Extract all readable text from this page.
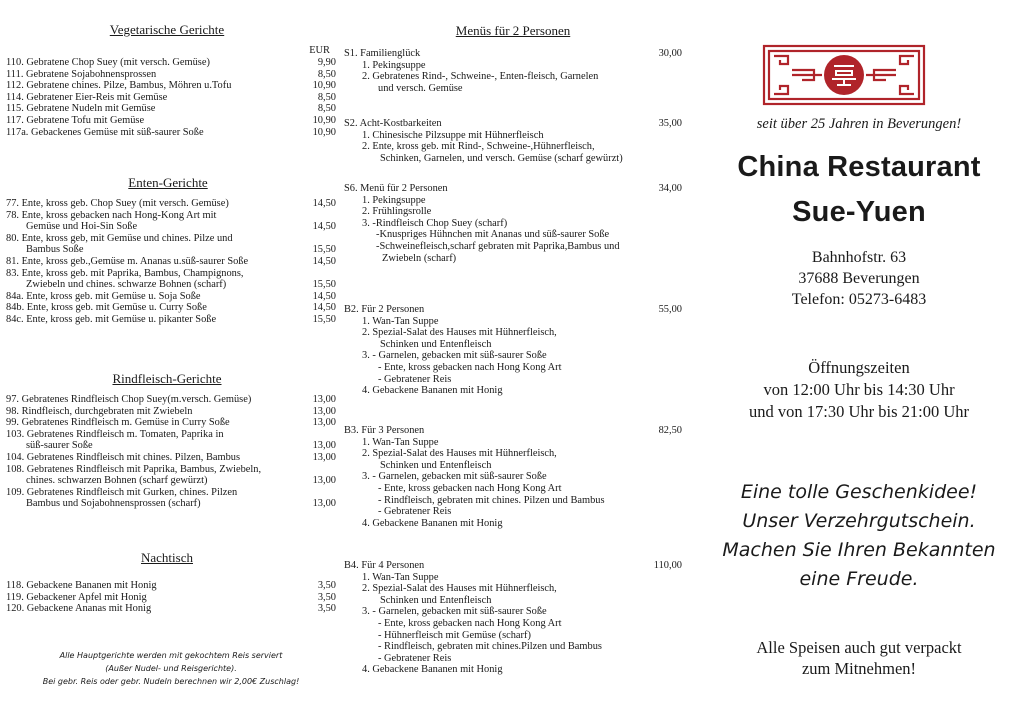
Vegetarische Gerichte

EUR
110. Gebratene Chop Suey (mit versch. Gemüse)	9,90
111. Gebratene Sojabohnensprossen	8,50
112. Gebratene chines. Pilze, Bambus, Möhren u.Tofu	10,90
114. Gebratener Eier-Reis mit Gemüse	8,50
115. Gebratene Nudeln mit Gemüse	8,50
117. Gebratene Tofu mit Gemüse	10,90
117a. Gebackenes Gemüse mit süß-saurer Soße	10,90

Enten-Gerichte

77. Ente, kross geb. Chop Suey (mit versch. Gemüse)	14,50
78. Ente, kross gebacken nach Hong-Kong Art mit
Gemüse und Hoi-Sin Soße	14,50
80. Ente, kross geb, mit Gemüse und chines. Pilze und
Bambus Soße	15,50
81. Ente, kross geb.,Gemüse m. Ananas u.süß-saurer Soße	14,50
83. Ente, kross geb. mit Paprika, Bambus, Champignons,
Zwiebeln und chines. schwarze Bohnen (scharf)	15,50
84a. Ente, kross geb. mit Gemüse u. Soja Soße	14,50
84b. Ente, kross geb. mit Gemüse u. Curry Soße	14,50
84c. Ente, kross geb. mit Gemüse u. pikanter Soße	15,50

Rindfleisch-Gerichte

97. Gebratenes Rindfleisch Chop Suey(m.versch. Gemüse)	13,00
98. Rindfleisch, durchgebraten mit Zwiebeln	13,00
99. Gebratenes Rindfleisch m. Gemüse in Curry Soße	13,00
103. Gebratenes Rindfleisch m. Tomaten, Paprika in
süß-saurer Soße	13,00
104. Gebratenes Rindfleisch mit chines. Pilzen, Bambus	13,00
108. Gebratenes Rindfleisch mit Paprika, Bambus, Zwiebeln,
chines. schwarzen Bohnen (scharf gewürzt)	13,00
109. Gebratenes Rindfleisch mit Gurken, chines. Pilzen
Bambus und Sojabohnensprossen (scharf)	13,00

Nachtisch

118. Gebackene Bananen mit Honig	3,50
119. Gebackener Apfel mit Honig	3,50
120. Gebackene Ananas mit Honig	3,50
Alle Hauptgerichte werden mit gekochtem Reis serviert
(Außer Nudel- und Reisgerichte).
Bei gebr. Reis oder gebr. Nudeln berechnen wir 2,00€ Zuschlag!

Menüs für 2 Personen

S1. Familienglück	30,00
1. Pekingsuppe
2. Gebratenes Rind-, Schweine-, Enten-fleisch, Garnelen
und versch. Gemüse
S2. Acht-Kostbarkeiten	35,00
1. Chinesische Pilzsuppe mit Hühnerfleisch
2. Ente, kross geb. mit Rind-, Schweine-,Hühnerfleisch,
Schinken, Garnelen, und versch. Gemüse (scharf gewürzt)
S6. Menü für 2 Personen	34,00
1. Pekingsuppe
2. Frühlingsrolle
3. -Rindfleisch Chop Suey (scharf)
-Knuspriges Hühnchen mit Ananas und süß-saurer Soße
-Schweinefleisch,scharf gebraten mit Paprika,Bambus und
Zwiebeln (scharf)
B2. Für 2 Personen	55,00
1. Wan-Tan Suppe
2. Spezial-Salat des Hauses mit Hühnerfleisch,
Schinken und Entenfleisch
3. - Garnelen, gebacken mit süß-saurer Soße
- Ente, kross gebacken nach Hong Kong Art
- Gebratener Reis
4. Gebackene Bananen mit Honig
B3. Für 3 Personen	82,50
1. Wan-Tan Suppe
2. Spezial-Salat des Hauses mit Hühnerfleisch,
Schinken und Entenfleisch
3. - Garnelen, gebacken mit süß-saurer Soße
- Ente, kross gebacken nach Hong Kong Art
- Rindfleisch, gebraten mit chines. Pilzen und Bambus
- Gebratener Reis
4. Gebackene Bananen mit Honig
B4. Für 4 Personen	110,00
1. Wan-Tan Suppe
2. Spezial-Salat des Hauses mit Hühnerfleisch,
Schinken und Entenfleisch
3. - Garnelen, gebacken mit süß-saurer Soße
- Ente, kross gebacken nach Hong Kong Art
- Hühnerfleisch mit Gemüse (scharf)
- Rindfleisch, gebraten mit chines.Pilzen und Bambus
- Gebratener Reis
4. Gebackene Bananen mit Honig
seit über 25 Jahren in Beverungen!
China Restaurant
Sue-Yuen
Bahnhofstr. 63
37688 Beverungen
Telefon: 05273-6483
Öffnungszeiten
von 12:00 Uhr bis 14:30 Uhr
und von 17:30 Uhr bis 21:00 Uhr
Eine tolle Geschenkidee!
Unser Verzehrgutschein.
Machen Sie Ihren Bekannten
eine Freude.
Alle Speisen auch gut verpackt
zum Mitnehmen!
